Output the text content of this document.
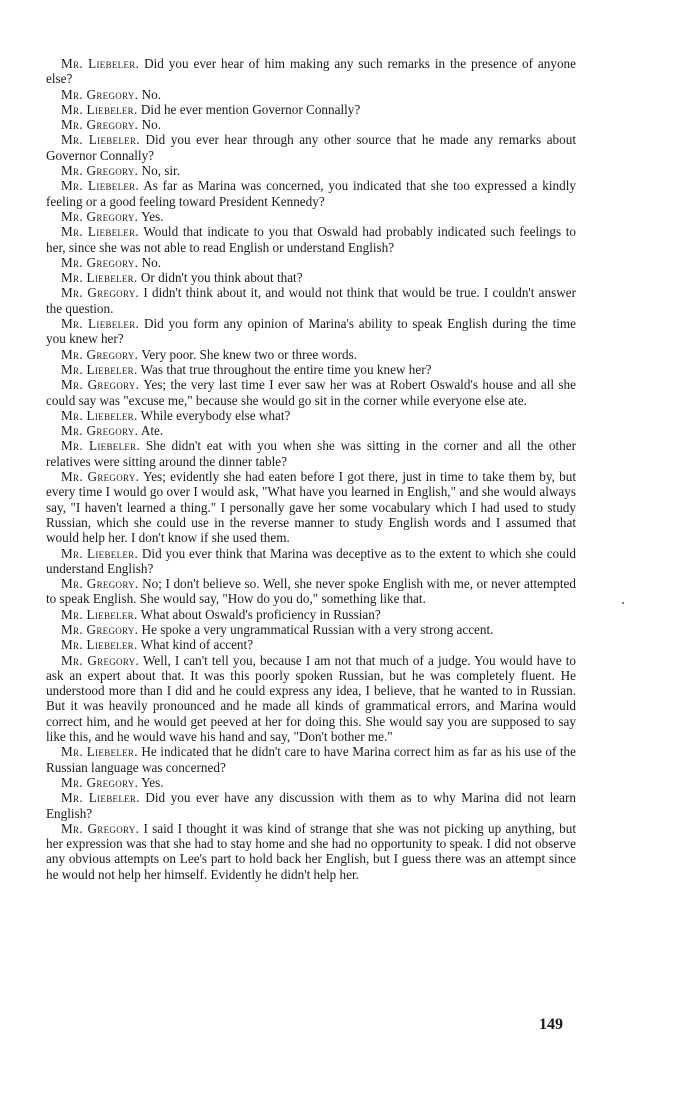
Mr. Liebeler. Did you ever hear of him making any such remarks in the presence of anyone else?

Mr. Gregory. No.

Mr. Liebeler. Did he ever mention Governor Connally?

Mr. Gregory. No.

Mr. Liebeler. Did you ever hear through any other source that he made any remarks about Governor Connally?

Mr. Gregory. No, sir.

Mr. Liebeler. As far as Marina was concerned, you indicated that she too expressed a kindly feeling or a good feeling toward President Kennedy?

Mr. Gregory. Yes.

Mr. Liebeler. Would that indicate to you that Oswald had probably indicated such feelings to her, since she was not able to read English or understand English?

Mr. Gregory. No.

Mr. Liebeler. Or didn't you think about that?

Mr. Gregory. I didn't think about it, and would not think that would be true. I couldn't answer the question.

Mr. Liebeler. Did you form any opinion of Marina's ability to speak English during the time you knew her?

Mr. Gregory. Very poor. She knew two or three words.

Mr. Liebeler. Was that true throughout the entire time you knew her?

Mr. Gregory. Yes; the very last time I ever saw her was at Robert Oswald's house and all she could say was "excuse me," because she would go sit in the corner while everyone else ate.

Mr. Liebeler. While everybody else what?

Mr. Gregory. Ate.

Mr. Liebeler. She didn't eat with you when she was sitting in the corner and all the other relatives were sitting around the dinner table?

Mr. Gregory. Yes; evidently she had eaten before I got there, just in time to take them by, but every time I would go over I would ask, "What have you learned in English," and she would always say, "I haven't learned a thing." I personally gave her some vocabulary which I had used to study Russian, which she could use in the reverse manner to study English words and I assumed that would help her. I don't know if she used them.

Mr. Liebeler. Did you ever think that Marina was deceptive as to the extent to which she could understand English?

Mr. Gregory. No; I don't believe so. Well, she never spoke English with me, or never attempted to speak English. She would say, "How do you do," something like that.

Mr. Liebeler. What about Oswald's proficiency in Russian?

Mr. Gregory. He spoke a very ungrammatical Russian with a very strong accent.

Mr. Liebeler. What kind of accent?

Mr. Gregory. Well, I can't tell you, because I am not that much of a judge. You would have to ask an expert about that. It was this poorly spoken Russian, but he was completely fluent. He understood more than I did and he could express any idea, I believe, that he wanted to in Russian. But it was heavily pronounced and he made all kinds of grammatical errors, and Marina would correct him, and he would get peeved at her for doing this. She would say you are supposed to say like this, and he would wave his hand and say, "Don't bother me."

Mr. Liebeler. He indicated that he didn't care to have Marina correct him as far as his use of the Russian language was concerned?

Mr. Gregory. Yes.

Mr. Liebeler. Did you ever have any discussion with them as to why Marina did not learn English?

Mr. Gregory. I said I thought it was kind of strange that she was not picking up anything, but her expression was that she had to stay home and she had no opportunity to speak. I did not observe any obvious attempts on Lee's part to hold back her English, but I guess there was an attempt since he would not help her himself. Evidently he didn't help her.

149
